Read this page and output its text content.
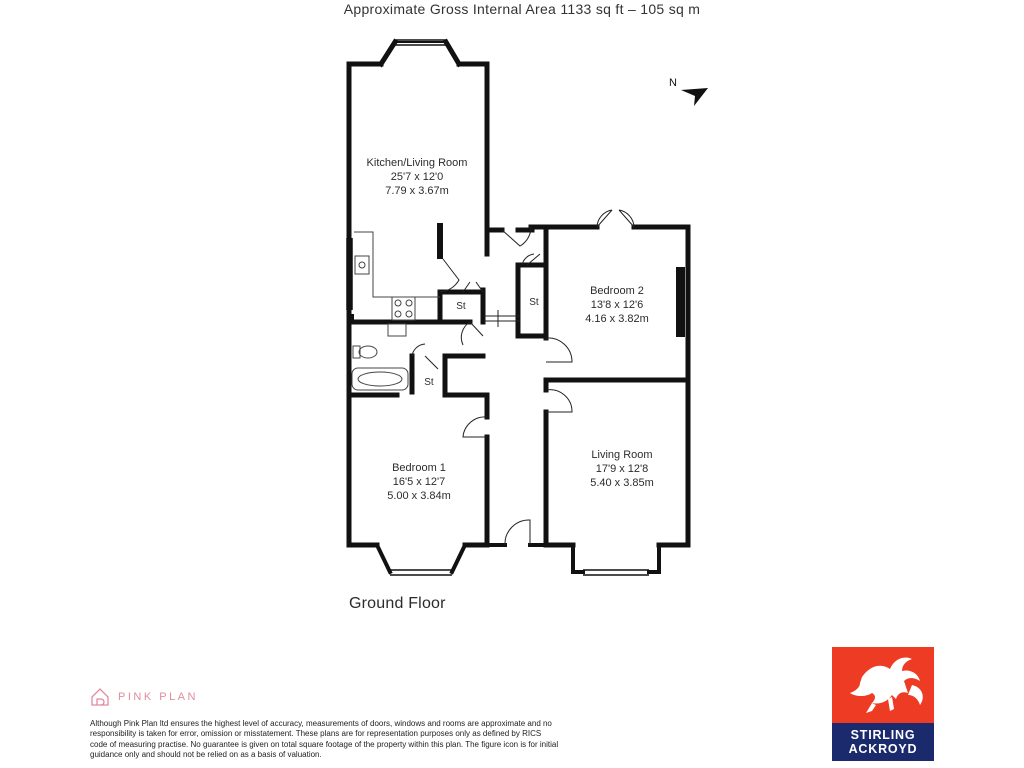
Approximate Gross Internal Area 1133 sq ft – 105 sq m
Kitchen/Living Room
25'7 x 12'0
7.79 x 3.67m
Bedroom 2
13'8 x 12'6
4.16 x 3.82m
Bedroom 1
16'5 x 12'7
5.00 x 3.84m
Living Room
17'9 x 12'8
5.40 x 3.85m
St	St
St
N
Ground Floor
PINK PLAN
Although Pink Plan ltd ensures the highest level of accuracy, measurements of doors, windows and rooms are approximate and no responsibility is taken for error, omission or misstatement. These plans are for representation purposes only as defined by RICS code of measuring practise. No guarantee is given on total square footage of the property within this plan. The figure icon is for initial guidance only and should not be relied on as a basis of valuation.
STIRLING
ACKROYD
